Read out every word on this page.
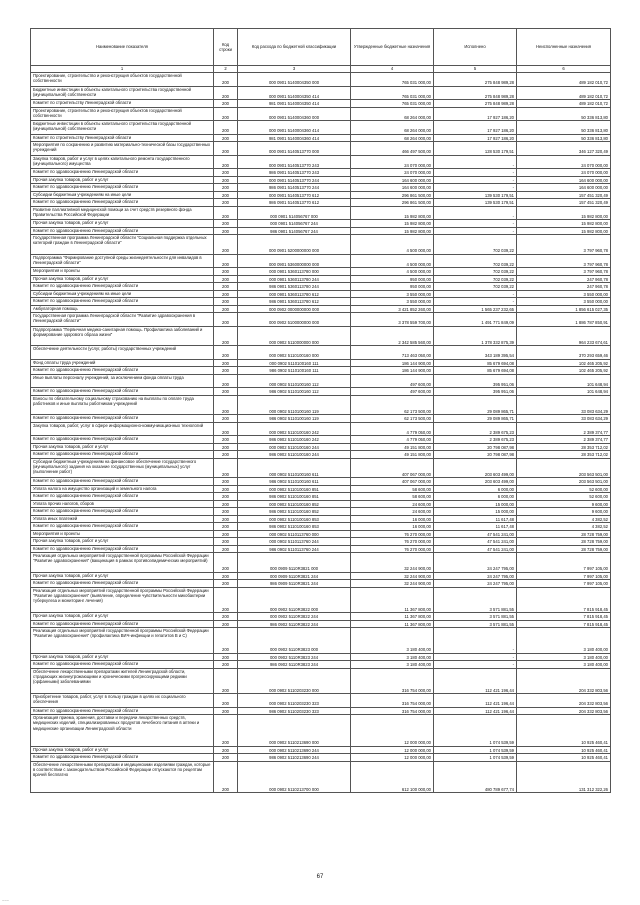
Наименование показателя	Код строки	Код расхода по бюджетной классификации	Утвержденные бюджетные назначения	Исполнено	Неисполненные назначения
1	2	3	4	5	6
Проектирование, строительство и реконструкция объектов государственной собственности	200	000 0901 5140004350 000	765 031 000,00	275 848 989,28	489 182 010,72
Бюджетные инвестиции в объекты капитального строительства государственной (муниципальной) собственности	200	000 0901 5140004350 414	765 031 000,00	275 848 989,28	489 182 010,72
Комитет по строительству Ленинградской области	200	981 0901 5140004350 414	765 031 000,00	275 848 989,28	489 182 010,72
Проектирование, строительство и реконструкция объектов государственной собственности	200	000 0901 5140004360 000	68 264 000,00	17 927 186,20	50 336 813,80
Бюджетные инвестиции в объекты капитального строительства государственной (муниципальной) собственности	200	000 0901 5140004360 414	68 264 000,00	17 927 186,20	50 336 813,80
Комитет по строительству Ленинградской области	200	981 0901 5140004360 414	68 264 000,00	17 927 186,20	50 336 813,80
Мероприятия по сохранению и развитию материально-технической базы государственных учреждений	200	000 0901 5140513770 000	466 497 500,00	128 530 179,51	346 127 320,49
Закупка товаров, работ и услуг в целях капитального ремонта государственного (муниципального) имущества	200	000 0901 5140513770 243	24 070 000,00	-	24 070 000,00
Комитет по здравоохранению Ленинградской области	200	986 0901 5140513770 243	24 070 000,00	-	24 070 000,00
Прочая закупка товаров, работ и услуг	200	000 0901 5140513770 244	164 600 000,00	-	164 600 000,00
Комитет по здравоохранению Ленинградской области	200	986 0901 5140513770 244	164 600 000,00	-	164 600 000,00
Субсидии бюджетным учреждениям на иные цели	200	000 0901 5140513770 612	296 861 500,00	139 530 179,51	157 451 320,49
Комитет по здравоохранению Ленинградской области	200	986 0901 5140513770 612	296 861 500,00	139 530 179,51	157 451 320,49
Развитие паллиативной медицинской помощи за счет средств резервного фонда Правительства Российской Федерации	200	000 0901 514056767 000	15 982 800,00	-	15 982 800,00
Прочая закупка товаров, работ и услуг	200	000 0901 514056767 244	15 982 800,00	-	15 982 800,00
Комитет по здравоохранению Ленинградской области	200	986 0901 514056767 244	15 982 800,00	-	15 982 800,00
Государственная программа Ленинградской области "Социальная поддержка отдельных категорий граждан в Ленинградской области"	200	000 0901 5200000000 000	4 500 000,00	702 039,22	3 797 960,78
Подпрограмма "Формирование доступной среды жизнедеятельности для инвалидов в Ленинградской области"	200	000 0901 5360000000 000	4 500 000,00	702 039,22	3 797 960,78
Мероприятия и проекты	200	000 0901 5360113780 000	4 500 000,00	702 039,22	3 797 960,78
Прочая закупка товаров, работ и услуг	200	000 0901 5360113780 244	950 000,00	702 039,22	247 960,78
Комитет по здравоохранению Ленинградской области	200	986 0901 5360113780 244	950 000,00	702 039,22	247 960,78
Субсидии бюджетным учреждениям на иные цели	200	000 0901 5360113780 612	3 550 000,00	-	3 550 000,00
Комитет по здравоохранению Ленинградской области	200	986 0901 5360113780 612	3 550 000,00	-	3 550 000,00
Амбулаторная помощь	200	000 0902 0000000000 000	3 421 852 260,00	1 565 237 232,65	1 856 615 027,35
Государственная программа Ленинградской области "Развитие здравоохранения в Ленинградской области"	200	000 0902 5100000000 000	3 378 559 700,00	1 491 771 849,09	1 886 787 850,91
Подпрограмма "Первичная медико-санитарная помощь. Профилактика заболеваний и формирование здорового образа жизни"	200	000 0902 5110000000 000	2 342 585 560,00	1 378 332 875,39	964 233 674,61
Обеспечение деятельности (услуг, работы) государственных учреждений	200	000 0902 5110100160 000	713 463 050,00	343 189 395,54	370 293 659,46
Фонд оплаты труда учреждений	200	000 0902 5110100160 111	186 144 900,00	85 679 694,08	102 465 205,92
Комитет по здравоохранению Ленинградской области	200	986 0902 5110100160 111	186 144 900,00	85 679 694,08	102 465 205,92
Иные выплаты персоналу учреждений, за исключением фонда оплаты труда	200	000 0902 5110100160 112	497 600,00	395 951,06	101 648,94
Комитет по здравоохранению Ленинградской области	200	986 0902 5110100160 112	497 600,00	395 951,06	101 648,94
Взносы по обязательному социальному страхованию на выплаты по оплате труда работников и иные выплаты работникам учреждений	200	000 0902 5110100160 119	62 173 500,00	29 089 865,71	33 083 634,29
Комитет по здравоохранению Ленинградской области	200	986 0902 5110100160 119	62 173 500,00	29 089 865,71	33 083 634,29
Закупка товаров, работ, услуг в сфере информационно-коммуникационных технологий	200	000 0902 5110100160 242	4 779 050,00	2 389 675,23	2 389 374,77
Комитет по здравоохранению Ленинградской области	200	986 0902 5110100160 242	4 779 050,00	2 389 675,23	2 389 374,77
Прочая закупка товаров, работ и услуг	200	000 0902 5110100160 244	49 151 800,00	20 798 087,98	28 353 712,02
Комитет по здравоохранению Ленинградской области	200	986 0902 5110100160 244	49 151 800,00	20 798 087,98	28 353 712,02
Субсидии бюджетным учреждениям на финансовое обеспечение государственного (муниципального) задания на оказание государственных (муниципальных) услуг (выполнение работ)	200	000 0902 5110100160 611	407 067 000,00	203 603 499,00	203 563 501,00
Комитет по здравоохранению Ленинградской области	200	986 0902 5110100160 611	407 067 000,00	203 603 499,00	203 563 501,00
Уплата налога на имущество организаций и земельного налога	200	000 0902 5110100160 851	58 600,00	6 000,00	52 600,00
Комитет по здравоохранению Ленинградской области	200	986 0902 5110100160 851	58 600,00	6 000,00	52 600,00
Уплата прочих налогов, сборов	200	000 0902 5110100160 852	24 600,00	15 000,00	9 600,00
Комитет по здравоохранению Ленинградской области	200	986 0902 5110100160 852	24 600,00	15 000,00	9 600,00
Уплата иных платежей	200	000 0902 5110100160 853	16 000,00	11 617,48	4 382,52
Комитет по здравоохранению Ленинградской области	200	986 0902 5110100160 853	16 000,00	11 617,48	4 382,52
Мероприятия и проекты	200	000 0902 5110113760 000	76 270 000,00	47 541 241,00	28 728 759,00
Прочая закупка товаров, работ и услуг	200	000 0902 5110113760 244	76 270 000,00	47 541 241,00	28 728 759,00
Комитет по здравоохранению Ленинградской области	200	986 0902 5110113760 244	76 270 000,00	47 541 241,00	28 728 759,00
Реализация отдельных мероприятий государственной программы Российской Федерации "Развитие здравоохранения" (вакцинация в рамках противоэпидемических мероприятий)	200	000 0909 5110R3821 000	32 244 900,00	24 247 795,00	7 997 105,00
Прочая закупка товаров, работ и услуг	200	000 0909 5110R3821 244	32 244 900,00	24 247 795,00	7 997 105,00
Комитет по здравоохранению Ленинградской области	200	986 0909 5110R3821 244	32 244 900,00	24 247 795,00	7 997 105,00
Реализация отдельных мероприятий государственной программы Российской Федерации "Развитие здравоохранения" (выявление, определение чувствительности микобактерии туберкулеза и мониторинг лечения)	200	000 0902 5110R3822 000	11 367 800,00	3 571 881,55	7 815 918,45
Прочая закупка товаров, работ и услуг	200	000 0902 5110R3822 244	11 367 800,00	3 571 881,55	7 815 918,45
Комитет по здравоохранению Ленинградской области	200	986 0902 5110R3822 244	11 367 800,00	3 571 881,55	7 815 918,45
Реализация отдельных мероприятий государственной программы Российской Федерации "Развитие здравоохранения" (профилактика ВИЧ-инфекции и гепатитов В и С)	200	000 0902 5110R3823 000	3 180 400,00	-	3 180 400,00
Прочая закупка товаров, работ и услуг	200	000 0902 5110R3823 244	3 180 400,00	-	3 180 400,00
Комитет по здравоохранению Ленинградской области	200	986 0902 5110R3823 244	3 180 400,00	-	3 180 400,00
Обеспечение лекарственными препаратами жителей Ленинградской области, страдающих жизнеугрожающими и хроническими прогрессирующими редкими (орфанными) заболеваниями	200	000 0902 5110203230 000	316 754 000,00	112 421 196,44	204 332 803,56
Приобретение товаров, работ, услуг в пользу граждан в целях их социального обеспечения	200	000 0902 5110203230 323	316 754 000,00	112 421 196,44	204 332 803,56
Комитет по здравоохранению Ленинградской области	200	986 0902 5110203230 323	316 754 000,00	112 421 196,44	204 332 803,56
Организация приема, хранения, доставки и передачи лекарственных средств, медицинских изделий, специализированных продуктов лечебного питания в аптеки и медицинские организации Ленинградской области	200	000 0902 5110213690 000	12 000 000,00	1 074 539,59	10 925 460,41
Прочая закупка товаров, работ и услуг	200	000 0902 5110213690 244	12 000 000,00	1 074 539,59	10 925 460,41
Комитет по здравоохранению Ленинградской области	200	986 0902 5110213690 244	12 000 000,00	1 074 539,59	10 925 460,41
Обеспечение лекарственными препаратами и медицинскими изделиями граждан, которые в соответствии с законодательством Российской Федерации отпускаются по рецептам врачей бесплатно	200	000 0902 5110213700 000	612 100 000,00	480 789 677,74	131 312 322,26
67
~~~
